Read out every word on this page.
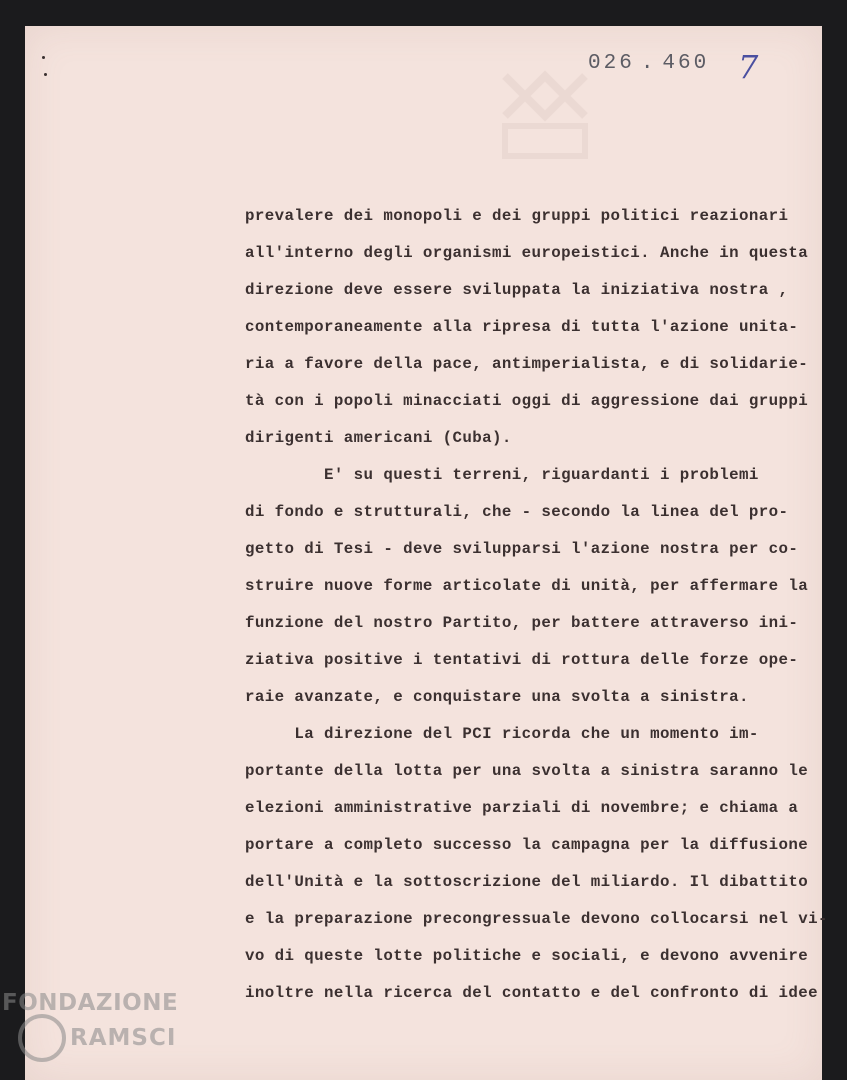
026 . 460 7
prevalere dei monopoli e dei gruppi politici reazionari
all'interno degli organismi europeistici. Anche in questa
direzione deve essere sviluppata la iniziativa nostra ,
contemporaneamente alla ripresa di tutta l'azione unita-
ria a favore della pace, antimperialista, e di solidarie-
tà con i popoli minacciati oggi di aggressione dai gruppi
dirigenti americani (Cuba).
E' su questi terreni, riguardanti i problemi
di fondo e strutturali, che - secondo la linea del pro-
getto di Tesi - deve svilupparsi l'azione nostra per co-
struire nuove forme articolate di unità, per affermare la
funzione del nostro Partito, per battere attraverso ini-
ziativa positive i tentativi di rottura delle forze ope-
raie avanzate, e conquistare una svolta a sinistra.
La direzione del PCI ricorda che un momento im-
portante della lotta per una svolta a sinistra saranno le
elezioni amministrative parziali di novembre; e chiama a
portare a completo successo la campagna per la diffusione
dell'Unità e la sottoscrizione del miliardo. Il dibattito
e la preparazione precongressuale devono collocarsi nel vi-
vo di queste lotte politiche e sociali, e devono avvenire
inoltre nella ricerca del contatto e del confronto di idee
FONDAZIONE
RAMSCI
